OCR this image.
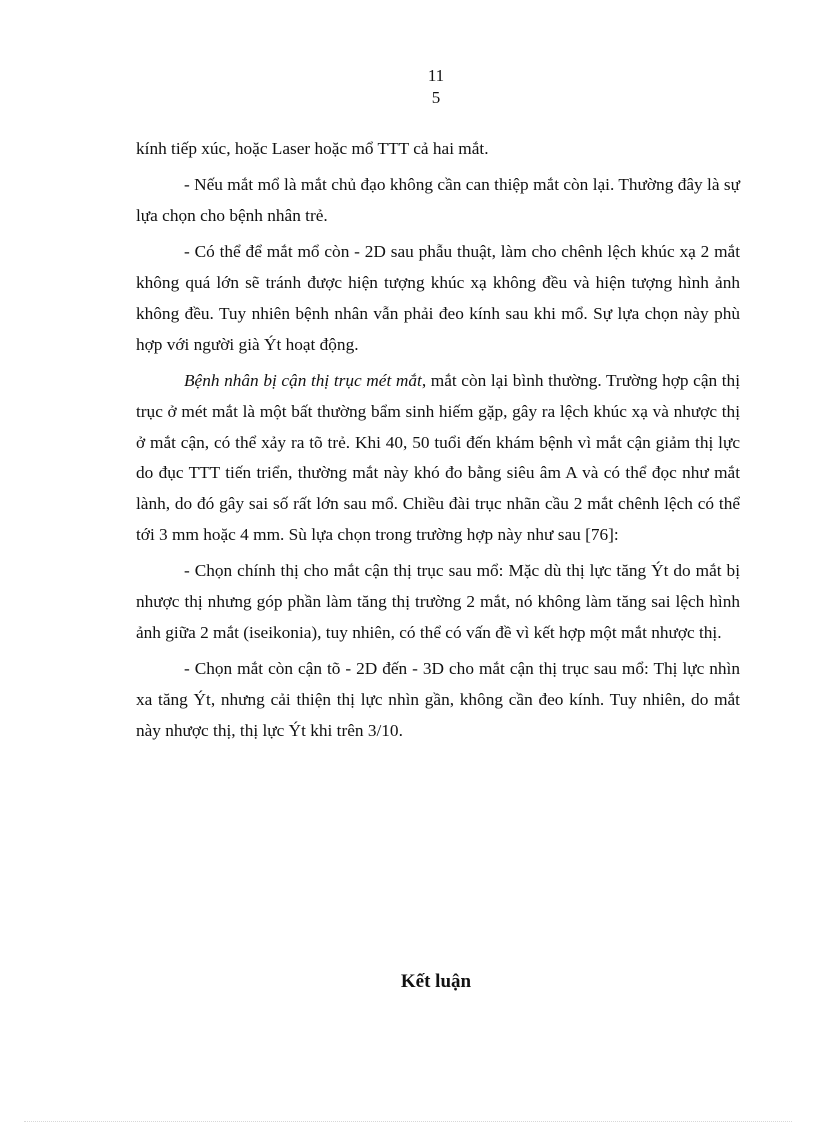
11
5

kính tiếp xúc, hoặc Laser hoặc mổ TTT cả hai mắt.

- Nếu mắt mổ là mắt chủ đạo không cần can thiệp mắt còn lại. Thường đây là sự lựa chọn cho bệnh nhân trẻ.

- Có thể để mắt mổ còn - 2D sau phẫu thuật, làm cho chênh lệch khúc xạ 2 mắt không quá lớn sẽ tránh được hiện tượng khúc xạ không đều và hiện tượng hình ảnh không đều. Tuy nhiên bệnh nhân vẫn phải đeo kính sau khi mổ. Sự lựa chọn này phù hợp với người già Ýt hoạt động.

Bệnh nhân bị cận thị trục mét mắt, mắt còn lại bình thường. Trường hợp cận thị trục ở mét mắt là một bất thường bẩm sinh hiếm gặp, gây ra lệch khúc xạ và nhược thị ở mắt cận, có thể xảy ra tõ trẻ. Khi 40, 50 tuổi đến khám bệnh vì mắt cận giảm thị lực do đục TTT tiến triển, thường mắt này khó đo bằng siêu âm A và có thể đọc như mắt lành, do đó gây sai số rất lớn sau mổ. Chiều đài trục nhãn cầu 2 mắt chênh lệch có thể tới 3 mm hoặc 4 mm. Sù lựa chọn trong trường hợp này như sau [76]:

- Chọn chính thị cho mắt cận thị trục sau mổ: Mặc dù thị lực tăng Ýt do mắt bị nhược thị nhưng góp phần làm tăng thị trường 2 mắt, nó không làm tăng sai lệch hình ảnh giữa 2 mắt (iseikonia), tuy nhiên, có thể có vấn đề vì kết hợp một mắt nhược thị.

- Chọn mắt còn cận tõ - 2D đến - 3D cho mắt cận thị trục sau mổ: Thị lực nhìn xa tăng Ýt, nhưng cải thiện thị lực nhìn gần, không cần đeo kính. Tuy nhiên, do mắt này nhược thị, thị lực Ýt khi trên 3/10.

Kết luận
